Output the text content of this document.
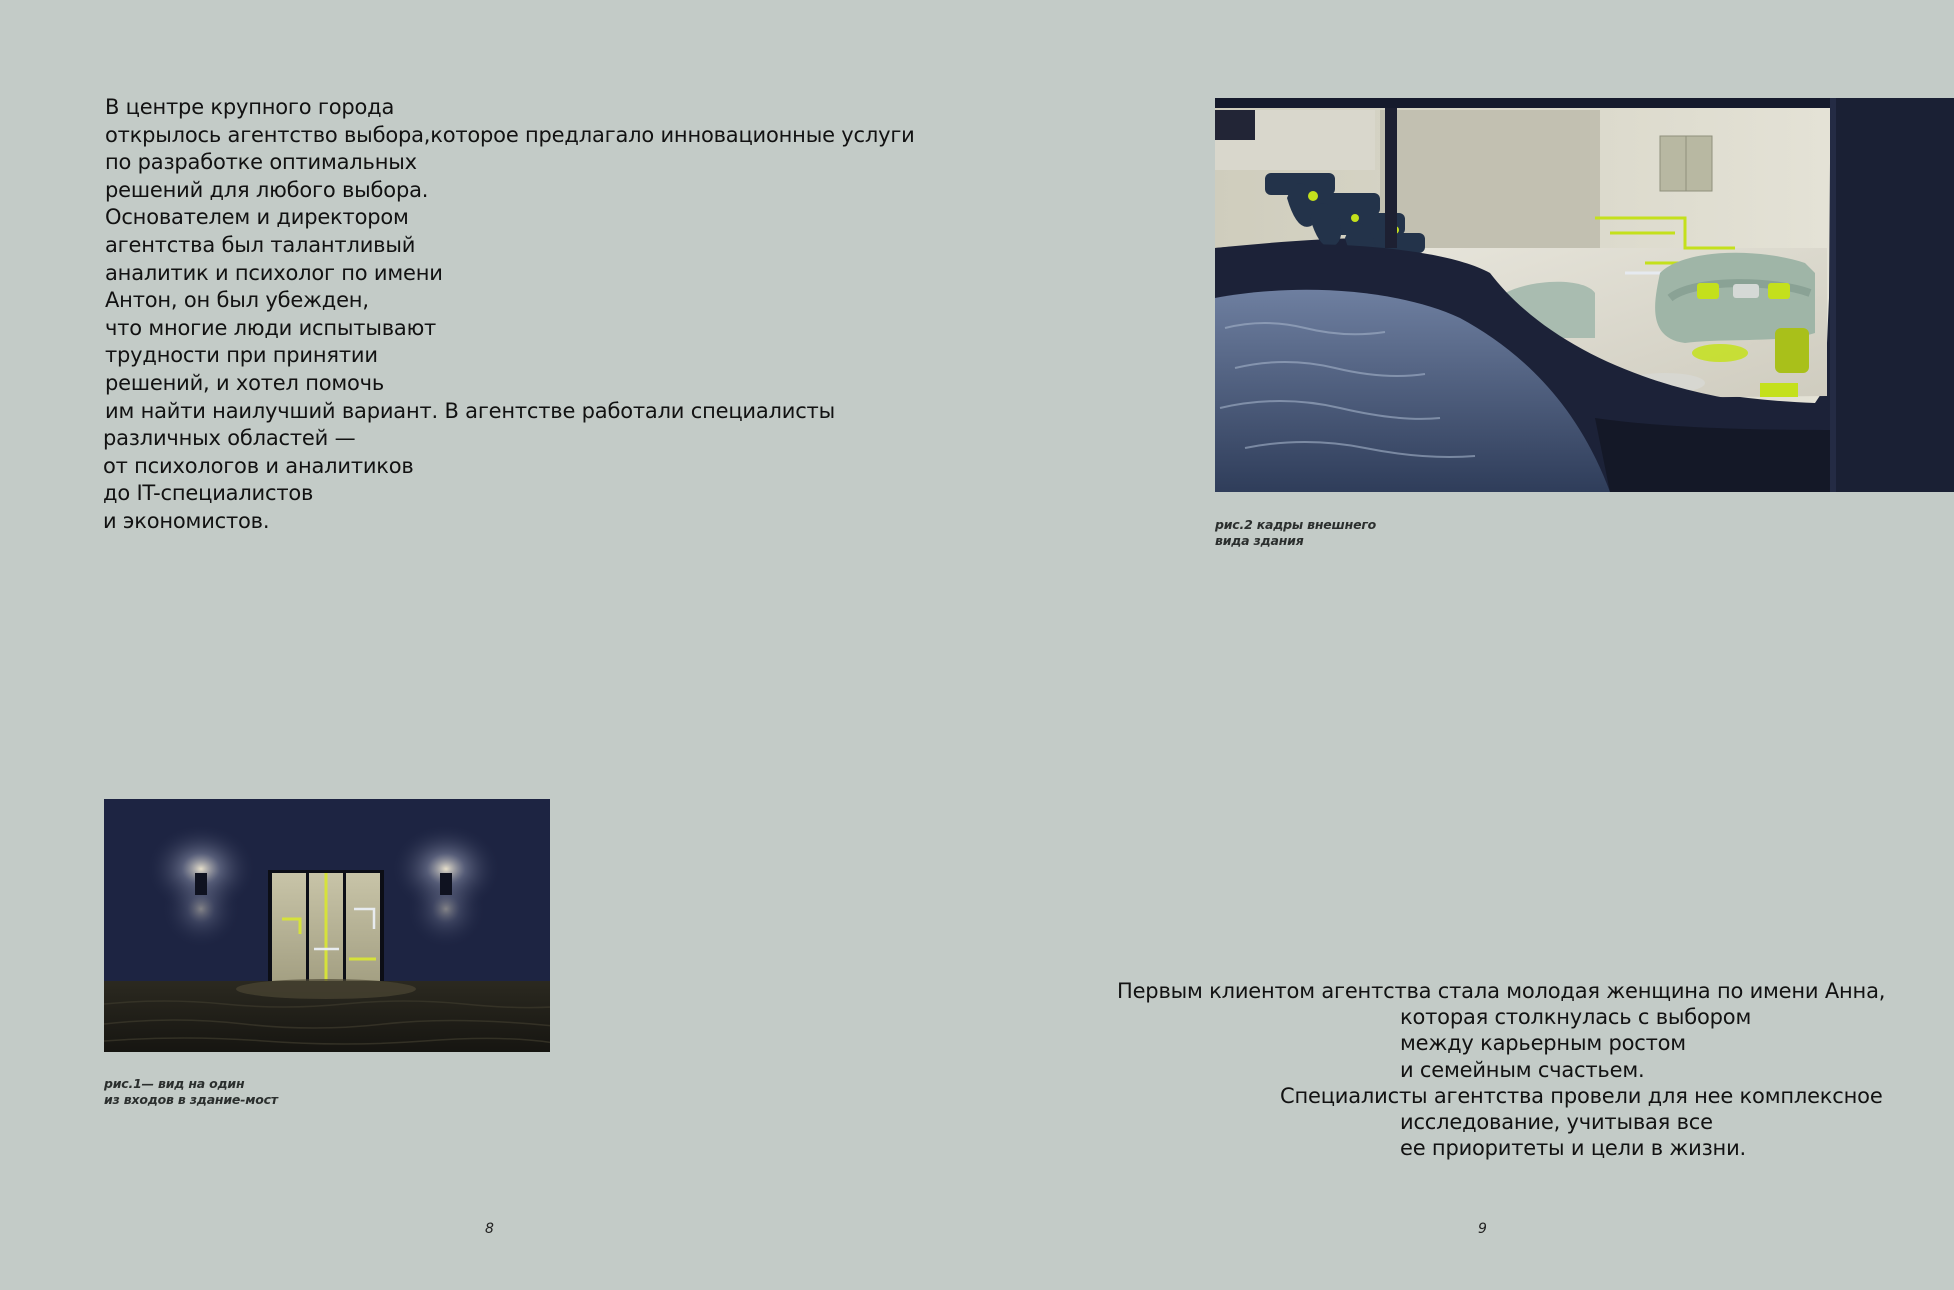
В центре крупного города
открылось агентство выбора,которое предлагало инновационные услуги
по разработке оптимальных
решений для любого выбора.
Основателем и директором
агентства был талантливый
аналитик и психолог по имени
Антон, он был убежден,
что многие люди испытывают
трудности при принятии
решений, и хотел помочь
им найти наилучший вариант. В агентстве работали специалисты
различных областей —
от психологов и аналитиков
до IT-специалистов
и экономистов.	рис.2 кадры внешнего
вида здания
рис.1— вид на один
из входов в здание-мост
Первым клиентом агентства стала молодая женщина по имени Анна,
которая столкнулась с выбором
между карьерным ростом
и семейным счастьем.
Специалисты агентства провели для нее комплексное
исследование, учитывая все
ее приоритеты и цели в жизни.
8	9
